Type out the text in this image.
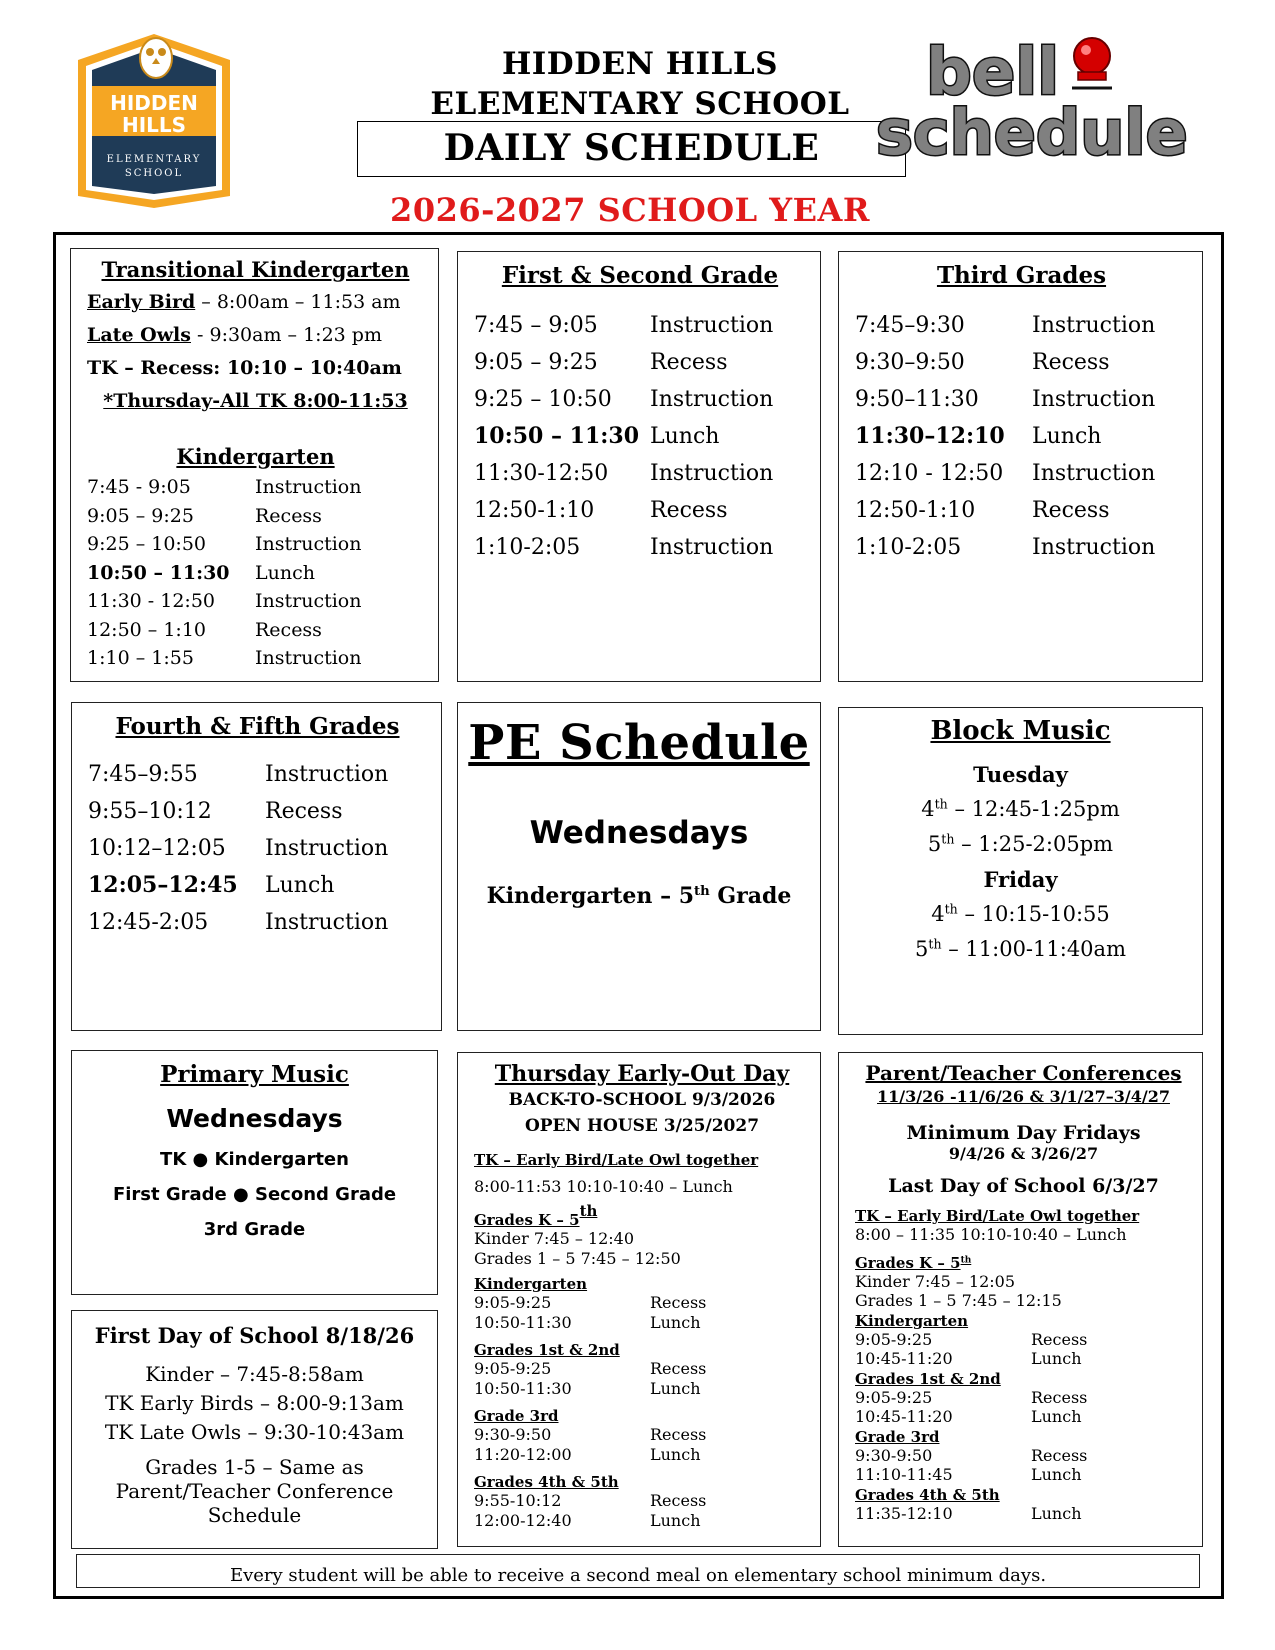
HIDDEN
HILLS
ELEMENTARY
SCHOOL
HIDDEN HILLS
ELEMENTARY SCHOOL
DAILY SCHEDULE
2026-2027 SCHOOL YEAR
bell
schedule
Transitional Kindergarten
Early Bird – 8:00am – 11:53 am
Late Owls - 9:30am – 1:23 pm
TK – Recess: 10:10 – 10:40am
*Thursday-All TK 8:00-11:53
Kindergarten
7:45 - 9:05	Instruction
9:05 – 9:25	Recess
9:25 – 10:50	Instruction
10:50 – 11:30	Lunch
11:30 - 12:50	Instruction
12:50 – 1:10	Recess
1:10 – 1:55	Instruction
First & Second Grade
7:45 – 9:05	Instruction
9:05 – 9:25	Recess
9:25 – 10:50	Instruction
10:50 – 11:30 Lunch
11:30-12:50	Instruction
12:50-1:10	Recess
1:10-2:05	Instruction
Third Grades
7:45–9:30	Instruction
9:30–9:50	Recess
9:50–11:30	Instruction
11:30–12:10	Lunch
12:10 - 12:50	Instruction
12:50-1:10	Recess
1:10-2:05	Instruction
Fourth & Fifth Grades
7:45–9:55	Instruction
9:55–10:12	Recess
10:12–12:05	Instruction
12:05–12:45	Lunch
12:45-2:05	Instruction
PE Schedule
Wednesdays
Kindergarten – 5th Grade
Block Music
Tuesday
4th – 12:45-1:25pm
5th – 1:25-2:05pm
Friday
4th – 10:15-10:55
5th – 11:00-11:40am
Primary Music
Wednesdays
TK ● Kindergarten
First Grade ● Second Grade
3rd Grade
First Day of School 8/18/26
Kinder – 7:45-8:58am
TK Early Birds – 8:00-9:13am
TK Late Owls – 9:30-10:43am
Grades 1-5 – Same as
Parent/Teacher Conference
Schedule
Thursday Early-Out Day
BACK-TO-SCHOOL 9/3/2026
OPEN HOUSE 3/25/2027
TK – Early Bird/Late Owl together
8:00-11:53 10:10-10:40 – Lunch
Grades K – 5th
Kinder 7:45 – 12:40
Grades 1 – 5 7:45 – 12:50
Kindergarten
9:05-9:25	Recess
10:50-11:30	Lunch
Grades 1st & 2nd
9:05-9:25	Recess
10:50-11:30	Lunch
Grade 3rd
9:30-9:50	Recess
11:20-12:00	Lunch
Grades 4th & 5th
9:55-10:12	Recess
12:00-12:40	Lunch
Parent/Teacher Conferences
11/3/26 -11/6/26 & 3/1/27–3/4/27
Minimum Day Fridays
9/4/26 & 3/26/27
Last Day of School 6/3/27
TK – Early Bird/Late Owl together
8:00 – 11:35 10:10-10:40 – Lunch
Grades K – 5th
Kinder 7:45 – 12:05
Grades 1 – 5 7:45 – 12:15
Kindergarten
9:05-9:25	Recess
10:45-11:20	Lunch
Grades 1st & 2nd
9:05-9:25	Recess
10:45-11:20	Lunch
Grade 3rd
9:30-9:50	Recess
11:10-11:45	Lunch
Grades 4th & 5th
11:35-12:10	Lunch
Every student will be able to receive a second meal on elementary school minimum days.
